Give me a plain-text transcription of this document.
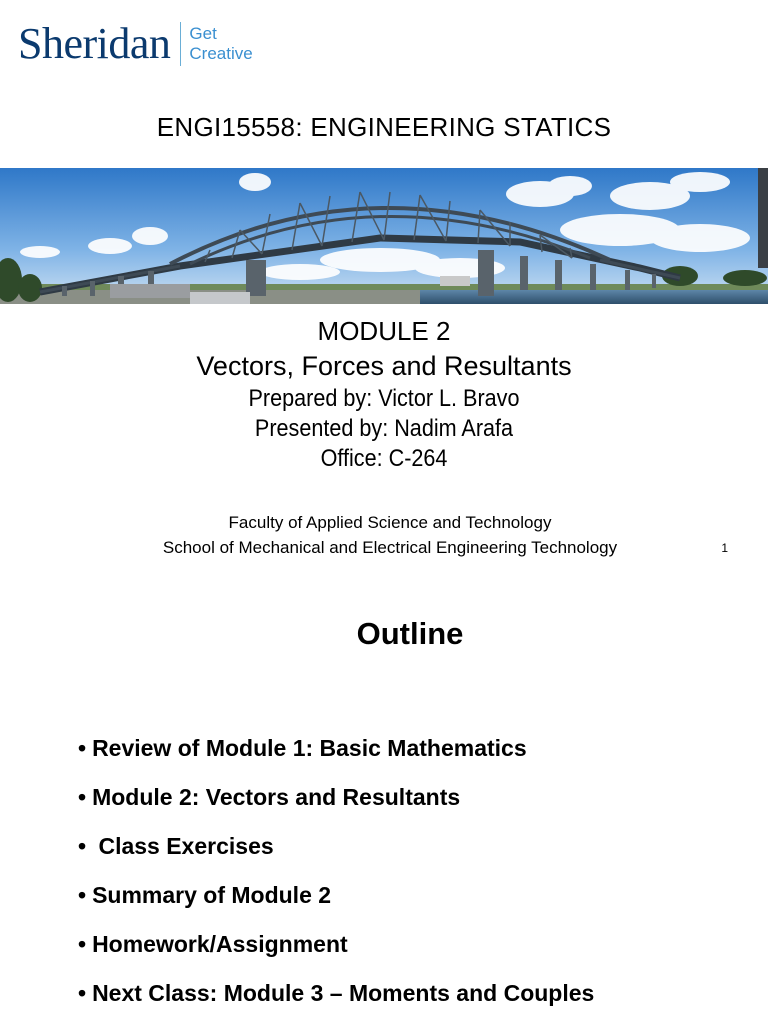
Sheridan Get
Creative
ENGI15558: ENGINEERING STATICS
MODULE 2
Vectors, Forces and Resultants
Prepared by: Victor L. Bravo
Presented by: Nadim Arafa
Office: C-264
Faculty of Applied Science and Technology
School of Mechanical and Electrical Engineering Technology	1
Outline
• Review of Module 1: Basic Mathematics
• Module 2: Vectors and Resultants
• Class Exercises
• Summary of Module 2
• Homework/Assignment
• Next Class: Module 3 – Moments and Couples
